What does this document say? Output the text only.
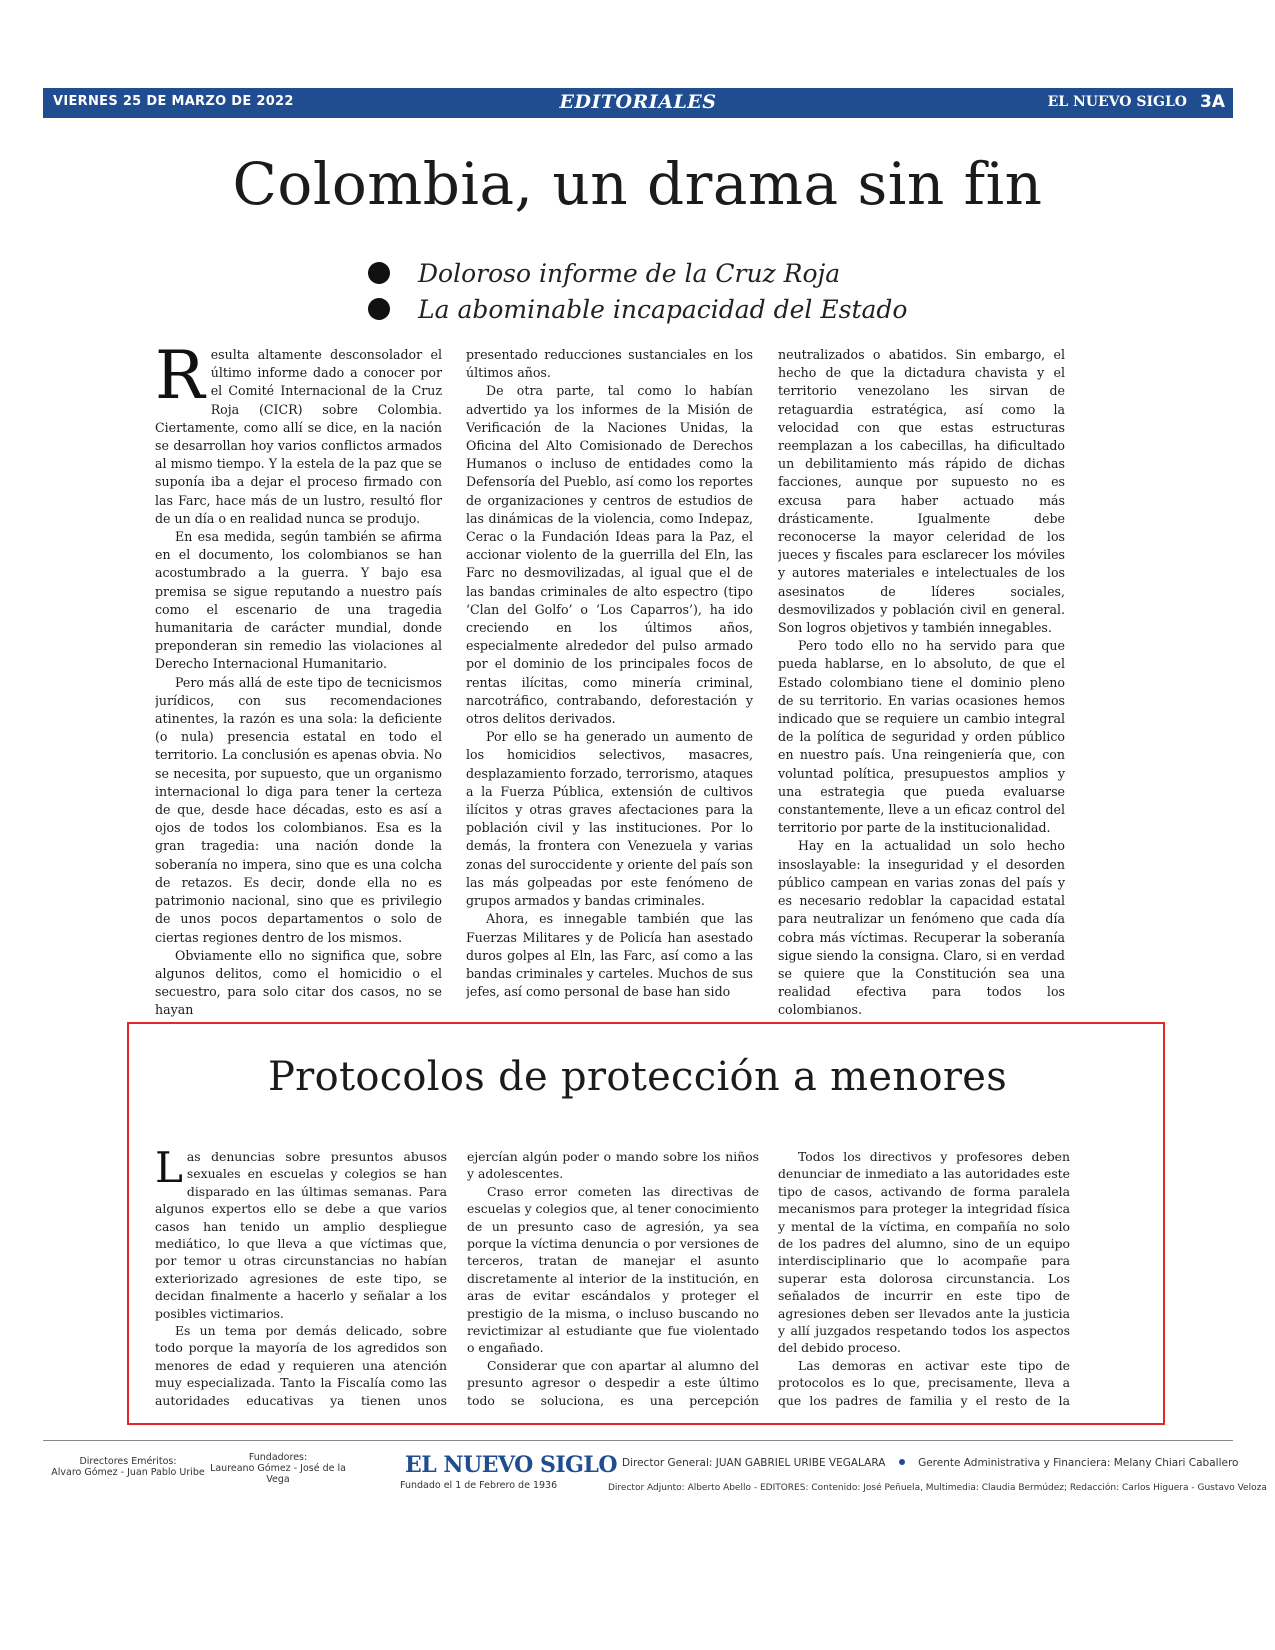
VIERNES 25 DE MARZO DE 2022	EDITORIALES	EL NUEVO SIGLO 3A
Colombia, un drama sin fin
Doloroso informe de la Cruz Roja
La abominable incapacidad del Estado
R esulta altamente desconsolador el último informe dado a conocer por el Comité Internacional de la Cruz Roja (CICR) sobre Colombia. Ciertamente, como allí se dice, en la nación se desarrollan hoy varios conflictos armados al mismo tiempo. Y la estela de la paz que se suponía iba a dejar el proceso firmado con las Farc, hace más de un lustro, resultó flor de un día o en realidad nunca se produjo.

En esa medida, según también se afirma en el documento, los colombianos se han acostumbrado a la guerra. Y bajo esa premisa se sigue reputando a nuestro país como el escenario de una tragedia humanitaria de carácter mundial, donde preponderan sin remedio las violaciones al Derecho Internacional Humanitario.

Pero más allá de este tipo de tecnicismos jurídicos, con sus recomendaciones atinentes, la razón es una sola: la deficiente (o nula) presencia estatal en todo el territorio. La conclusión es apenas obvia. No se necesita, por supuesto, que un organismo internacional lo diga para tener la certeza de que, desde hace décadas, esto es así a ojos de todos los colombianos. Esa es la gran tragedia: una nación donde la soberanía no impera, sino que es una colcha de retazos. Es decir, donde ella no es patrimonio nacional, sino que es privilegio de unos pocos departamentos o solo de ciertas regiones dentro de los mismos.

Obviamente ello no significa que, sobre algunos delitos, como el homicidio o el secuestro, para solo citar dos casos, no se hayan

presentado reducciones sustanciales en los últimos años.

De otra parte, tal como lo habían advertido ya los informes de la Misión de Verificación de la Naciones Unidas, la Oficina del Alto Comisionado de Derechos Humanos o incluso de entidades como la Defensoría del Pueblo, así como los reportes de organizaciones y centros de estudios de las dinámicas de la violencia, como Indepaz, Cerac o la Fundación Ideas para la Paz, el accionar violento de la guerrilla del Eln, las Farc no desmovilizadas, al igual que el de las bandas criminales de alto espectro (tipo ‘Clan del Golfo’ o ‘Los Caparros’), ha ido creciendo en los últimos años, especialmente alrededor del pulso armado por el dominio de los principales focos de rentas ilícitas, como minería criminal, narcotráfico, contrabando, deforestación y otros delitos derivados.

Por ello se ha generado un aumento de los homicidios selectivos, masacres, desplazamiento forzado, terrorismo, ataques a la Fuerza Pública, extensión de cultivos ilícitos y otras graves afectaciones para la población civil y las instituciones. Por lo demás, la frontera con Venezuela y varias zonas del suroccidente y oriente del país son las más golpeadas por este fenómeno de grupos armados y bandas criminales.

Ahora, es innegable también que las Fuerzas Militares y de Policía han asestado duros golpes al Eln, las Farc, así como a las bandas criminales y carteles. Muchos de sus jefes, así como personal de base han sido

neutralizados o abatidos. Sin embargo, el hecho de que la dictadura chavista y el territorio venezolano les sirvan de retaguardia estratégica, así como la velocidad con que estas estructuras reemplazan a los cabecillas, ha dificultado un debilitamiento más rápido de dichas facciones, aunque por supuesto no es excusa para haber actuado más drásticamente. Igualmente debe reconocerse la mayor celeridad de los jueces y fiscales para esclarecer los móviles y autores materiales e intelectuales de los asesinatos de líderes sociales, desmovilizados y población civil en general. Son logros objetivos y también innegables.

Pero todo ello no ha servido para que pueda hablarse, en lo absoluto, de que el Estado colombiano tiene el dominio pleno de su territorio. En varias ocasiones hemos indicado que se requiere un cambio integral de la política de seguridad y orden público en nuestro país. Una reingeniería que, con voluntad política, presupuestos amplios y una estrategia que pueda evaluarse constantemente, lleve a un eficaz control del territorio por parte de la institucionalidad.

Hay en la actualidad un solo hecho insoslayable: la inseguridad y el desorden público campean en varias zonas del país y es necesario redoblar la capacidad estatal para neutralizar un fenómeno que cada día cobra más víctimas. Recuperar la soberanía sigue siendo la consigna. Claro, si en verdad se quiere que la Constitución sea una realidad efectiva para todos los colombianos.

Protocolos de protección a menores
L as denuncias sobre presuntos abusos sexuales en escuelas y colegios se han disparado en las últimas semanas. Para algunos expertos ello se debe a que varios casos han tenido un amplio despliegue mediático, lo que lleva a que víctimas que, por temor u otras circunstancias no habían exteriorizado agresiones de este tipo, se decidan finalmente a hacerlo y señalar a los posibles victimarios.

Es un tema por demás delicado, sobre todo porque la mayoría de los agredidos son menores de edad y requieren una atención muy especializada. Tanto la Fiscalía como las autoridades educativas ya tienen unos

ejercían algún poder o mando sobre los niños y adolescentes.

Craso error cometen las directivas de escuelas y colegios que, al tener conocimiento de un presunto caso de agresión, ya sea porque la víctima denuncia o por versiones de terceros, tratan de manejar el asunto discretamente al interior de la institución, en aras de evitar escándalos y proteger el prestigio de la misma, o incluso buscando no revictimizar al estudiante que fue violentado o engañado.

Considerar que con apartar al alumno del presunto agresor o despedir a este último todo se soluciona, es una percepción

Todos los directivos y profesores deben denunciar de inmediato a las autoridades este tipo de casos, activando de forma paralela mecanismos para proteger la integridad física y mental de la víctima, en compañía no solo de los padres del alumno, sino de un equipo interdisciplinario que lo acompañe para superar esta dolorosa circunstancia. Los señalados de incurrir en este tipo de agresiones deben ser llevados ante la justicia y allí juzgados respetando todos los aspectos del debido proceso.

Las demoras en activar este tipo de protocolos es lo que, precisamente, lleva a que los padres de familia y el resto de la

Directores Eméritos:
Alvaro Gómez - Juan Pablo Uribe
Fundadores:
Laureano Gómez - José de la Vega
EL NUEVO SIGLO
Fundado el 1 de Febrero de 1936
Director General: JUAN GABRIEL URIBE VEGALARA	Gerente Administrativa y Financiera: Melany Chiari Caballero
Director Adjunto: Alberto Abello - EDITORES: Contenido: José Peñuela, Multimedia: Claudia Bermúdez; Redacción: Carlos Higuera - Gustavo Veloza
